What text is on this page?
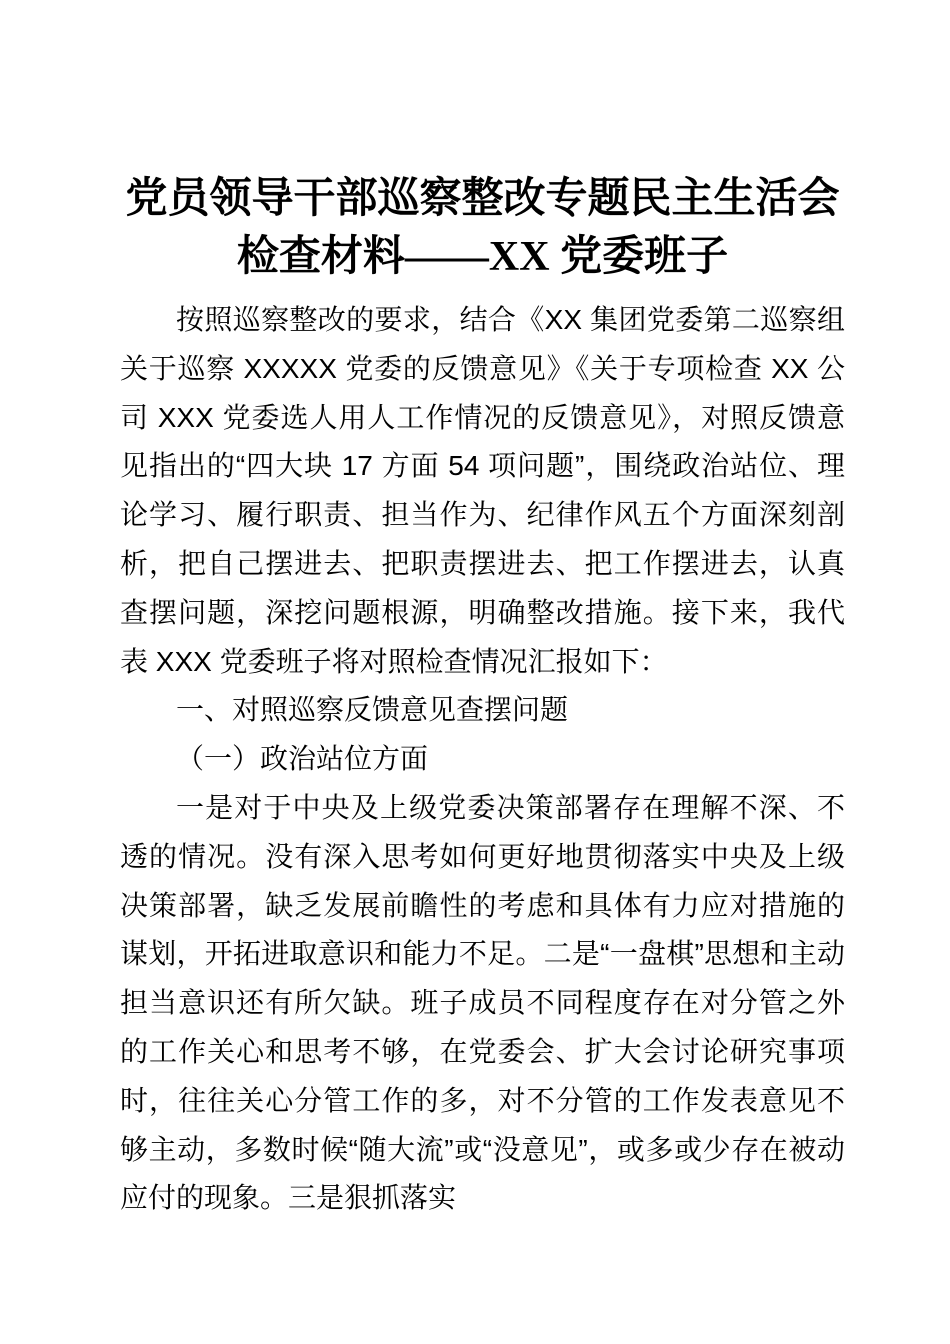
党员领导干部巡察整改专题民主生活会检查材料——XX 党委班子

按照巡察整改的要求，结合《XX 集团党委第二巡察组关于巡察 XXXXX 党委的反馈意见》《关于专项检查 XX 公司 XXX 党委选人用人工作情况的反馈意见》，对照反馈意见指出的“四大块 17 方面 54 项问题”，围绕政治站位、理论学习、履行职责、担当作为、纪律作风五个方面深刻剖析，把自己摆进去、把职责摆进去、把工作摆进去，认真查摆问题，深挖问题根源，明确整改措施。接下来，我代表 XXX 党委班子将对照检查情况汇报如下：

一、对照巡察反馈意见查摆问题

（一）政治站位方面

一是对于中央及上级党委决策部署存在理解不深、不透的情况。没有深入思考如何更好地贯彻落实中央及上级决策部署，缺乏发展前瞻性的考虑和具体有力应对措施的谋划，开拓进取意识和能力不足。二是“一盘棋”思想和主动担当意识还有所欠缺。班子成员不同程度存在对分管之外的工作关心和思考不够，在党委会、扩大会讨论研究事项时，往往关心分管工作的多，对不分管的工作发表意见不够主动，多数时候“随大流”或“没意见”，或多或少存在被动应付的现象。三是狠抓落实
